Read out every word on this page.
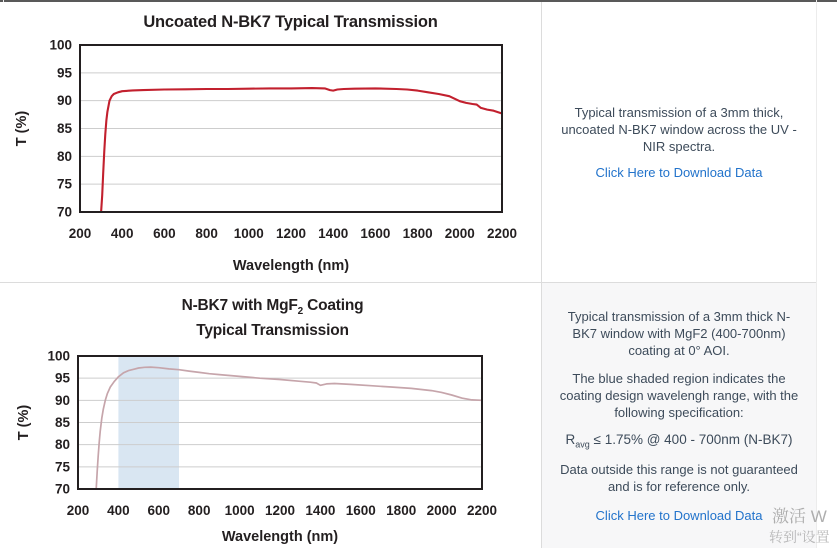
Uncoated N-BK7 Typical Transmission
200 400 600 800 1000 1200 1400 1600 1800 2000 2200
70
75
80
85
90
95
100
Wavelength (nm)
T (%)
N-BK7 with MgF$_2$ Coating
Typical Transmission
200 400 600 800 1000 1200 1400 1600 1800 2000 2200
70
75
80
85
90
95
100
Wavelength (nm)
T (%)

Typical transmission of a 3mm thick, uncoated N-BK7 window across the UV - NIR spectra.

Click Here to Download Data

Typical transmission of a 3mm thick N-BK7 window with MgF2 (400-700nm) coating at 0° AOI.

The blue shaded region indicates the coating design wavelengh range, with the following specification:

$R_{avg} \le 1.75\%$ @ 400 - 700nm (N-BK7)

Data outside this range is not guaranteed and is for reference only.

Click Here to Download Data 激活 W
转到“设置
